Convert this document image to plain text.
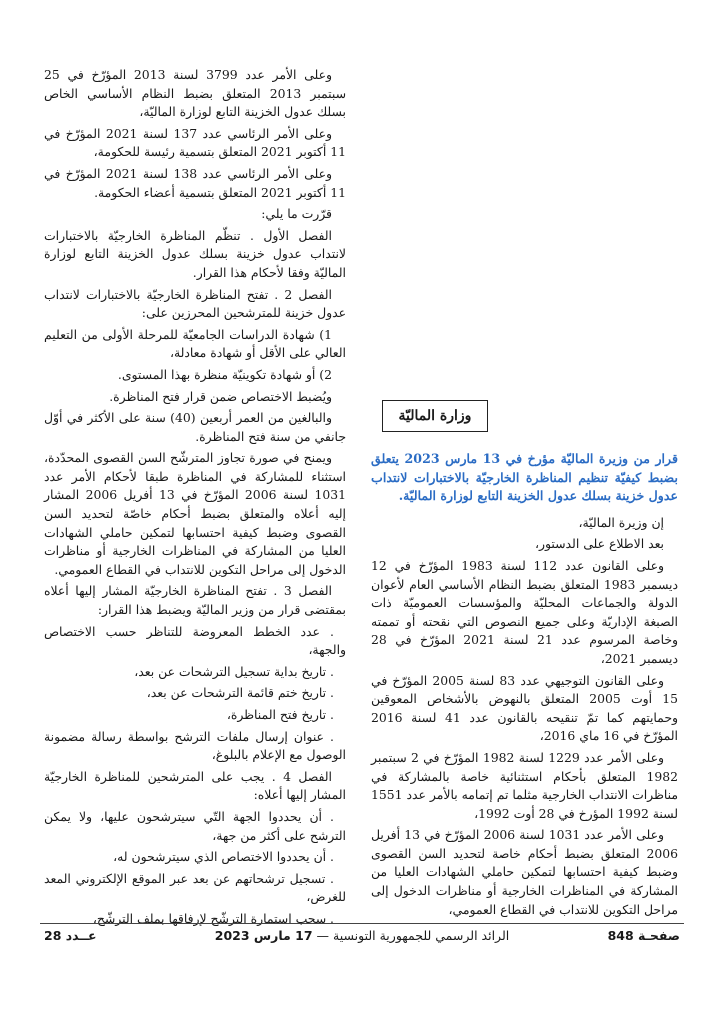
وعلى الأمر عدد 3799 لسنة 2013 المؤرّخ في 25 سبتمبر 2013 المتعلق بضبط النظام الأساسي الخاص بسلك عدول الخزينة التابع لوزارة الماليّة،

وعلى الأمر الرئاسي عدد 137 لسنة 2021 المؤرّخ في 11 أكتوبر 2021 المتعلق بتسمية رئيسة للحكومة،

وعلى الأمر الرئاسي عدد 138 لسنة 2021 المؤرّخ في 11 أكتوبر 2021 المتعلق بتسمية أعضاء الحكومة.

قرّرت ما يلي:

الفصل الأول . تنظّم المناظرة الخارجيّة بالاختبارات لانتداب عدول خزينة بسلك عدول الخزينة التابع لوزارة الماليّة وفقا لأحكام هذا القرار.

الفصل 2 . تفتح المناظرة الخارجيّة بالاختبارات لانتداب عدول خزينة للمترشحين المحرزين على:

1) شهادة الدراسات الجامعيّة للمرحلة الأولى من التعليم العالي على الأقل أو شهادة معادلة،

2) أو شهادة تكوينيّة منظرة بهذا المستوى.

ويُضبط الاختصاص ضمن قرار فتح المناظرة.

والبالغين من العمر أربعين (40) سنة على الأكثر في أوّل جانفي من سنة فتح المناظرة.

ويمنح في صورة تجاوز المترشّح السن القصوى المحدّدة، استثناء للمشاركة في المناظرة طبقا لأحكام الأمر عدد 1031 لسنة 2006 المؤرّخ في 13 أفريل 2006 المشار إليه أعلاه والمتعلق بضبط أحكام خاصّة لتحديد السن القصوى وضبط كيفية احتسابها لتمكين حاملي الشهادات العليا من المشاركة في المناظرات الخارجية أو مناظرات الدخول إلى مراحل التكوين للانتداب في القطاع العمومي.

الفصل 3 . تفتح المناظرة الخارجيّة المشار إليها أعلاه بمقتضى قرار من وزير الماليّة ويضبط هذا القرار:

. عدد الخطط المعروضة للتناظر حسب الاختصاص والجهة،

. تاريخ بداية تسجيل الترشحات عن بعد،

. تاريخ ختم قائمة الترشحات عن بعد،

. تاريخ فتح المناظرة،

. عنوان إرسال ملفات الترشح بواسطة رسالة مضمونة الوصول مع الإعلام بالبلوغ،

الفصل 4 . يجب على المترشحين للمناظرة الخارجيّة المشار إليها أعلاه:

. أن يحددوا الجهة التّي سيترشحون عليها، ولا يمكن الترشح على أكثر من جهة،

. أن يحددوا الاختصاص الذي سيترشحون له،

. تسجيل ترشحاتهم عن بعد عبر الموقع الإلكتروني المعد للغرض،

. سحب استمارة الترشّح لإرفاقها بملف الترشّح،

وزارة الماليّة

قرار من وزيرة الماليّة مؤرخ في 13 مارس 2023 يتعلق بضبط كيفيّة تنظيم المناظرة الخارجيّة بالاختبارات لانتداب عدول خزينة بسلك عدول الخزينة التابع لوزارة الماليّة.

إن وزيرة الماليّة،

بعد الاطلاع على الدستور،

وعلى القانون عدد 112 لسنة 1983 المؤرّخ في 12 ديسمبر 1983 المتعلق بضبط النظام الأساسي العام لأعوان الدولة والجماعات المحليّة والمؤسسات العموميّة ذات الصبغة الإداريّة وعلى جميع النصوص التي نقحته أو تممته وخاصة المرسوم عدد 21 لسنة 2021 المؤرّخ في 28 ديسمبر 2021،

وعلى القانون التوجيهي عدد 83 لسنة 2005 المؤرّخ في 15 أوت 2005 المتعلق بالنهوض بالأشخاص المعوقين وحمايتهم كما تمّ تنقيحه بالقانون عدد 41 لسنة 2016 المؤرّخ في 16 ماي 2016،

وعلى الأمر عدد 1229 لسنة 1982 المؤرّخ في 2 سبتمبر 1982 المتعلق بأحكام استثنائية خاصة بالمشاركة في مناظرات الانتداب الخارجية مثلما تم إتمامه بالأمر عدد 1551 لسنة 1992 المؤرخ في 28 أوت 1992،

وعلى الأمر عدد 1031 لسنة 2006 المؤرّخ في 13 أفريل 2006 المتعلق بضبط أحكام خاصة لتحديد السن القصوى وضبط كيفية احتسابها لتمكين حاملي الشهادات العليا من المشاركة في المناظرات الخارجية أو مناظرات الدخول إلى مراحل التكوين للانتداب في القطاع العمومي،

صفحـة 848
الرائد الرسمي للجمهورية التونسية — 17 مارس 2023
عــدد 28
